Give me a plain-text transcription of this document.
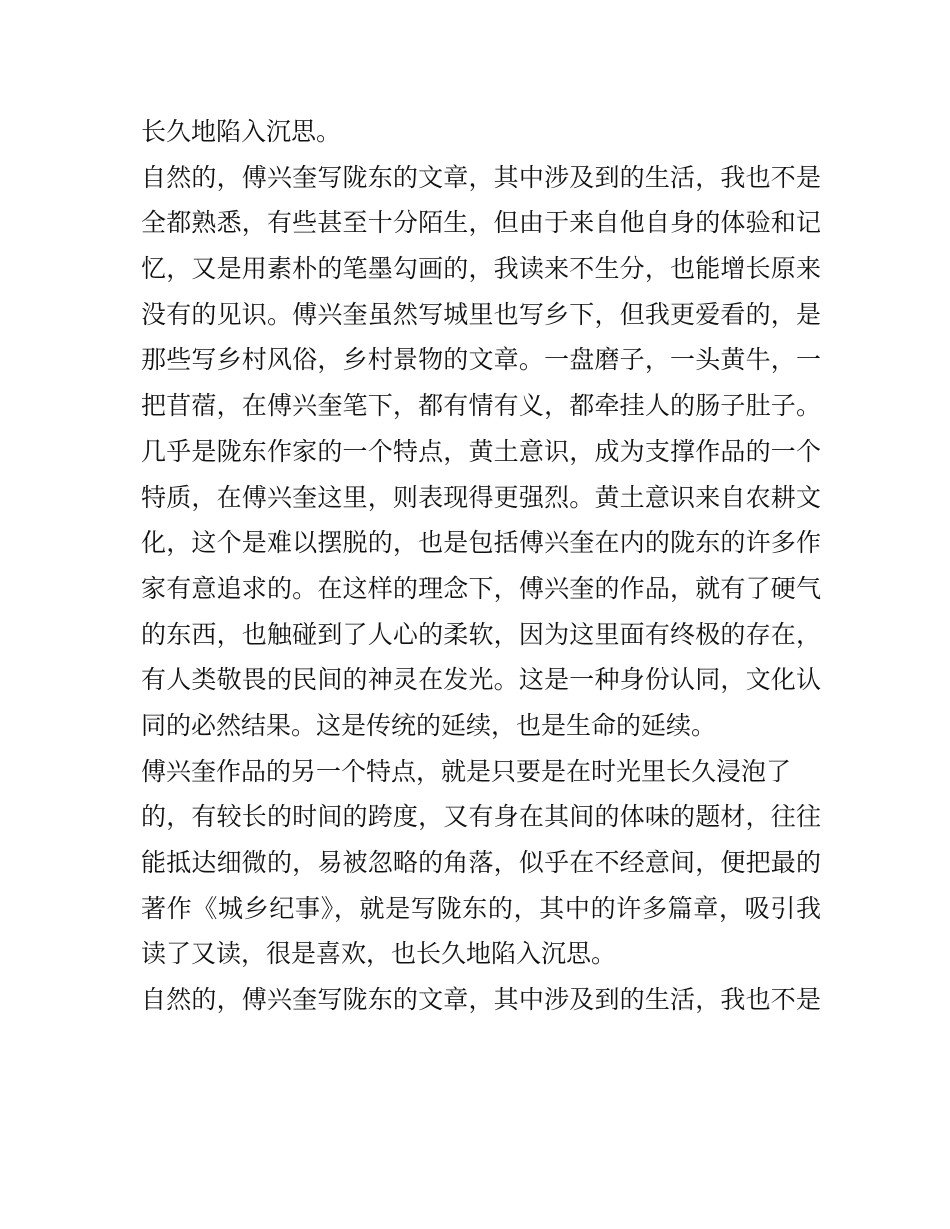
长久地陷入沉思。
自然的，傅兴奎写陇东的文章，其中涉及到的生活，我也不是
全都熟悉，有些甚至十分陌生，但由于来自他自身的体验和记
忆，又是用素朴的笔墨勾画的，我读来不生分，也能增长原来
没有的见识。傅兴奎虽然写城里也写乡下，但我更爱看的，是
那些写乡村风俗，乡村景物的文章。一盘磨子，一头黄牛，一
把苜蓿，在傅兴奎笔下，都有情有义，都牵挂人的肠子肚子。
几乎是陇东作家的一个特点，黄土意识，成为支撑作品的一个
特质，在傅兴奎这里，则表现得更强烈。黄土意识来自农耕文
化，这个是难以摆脱的，也是包括傅兴奎在内的陇东的许多作
家有意追求的。在这样的理念下，傅兴奎的作品，就有了硬气
的东西，也触碰到了人心的柔软，因为这里面有终极的存在，
有人类敬畏的民间的神灵在发光。这是一种身份认同，文化认
同的必然结果。这是传统的延续，也是生命的延续。
傅兴奎作品的另一个特点，就是只要是在时光里长久浸泡了
的，有较长的时间的跨度，又有身在其间的体味的题材，往往
能抵达细微的，易被忽略的角落，似乎在不经意间，便把最的
著作《城乡纪事》，就是写陇东的，其中的许多篇章，吸引我
读了又读，很是喜欢，也长久地陷入沉思。
自然的，傅兴奎写陇东的文章，其中涉及到的生活，我也不是
